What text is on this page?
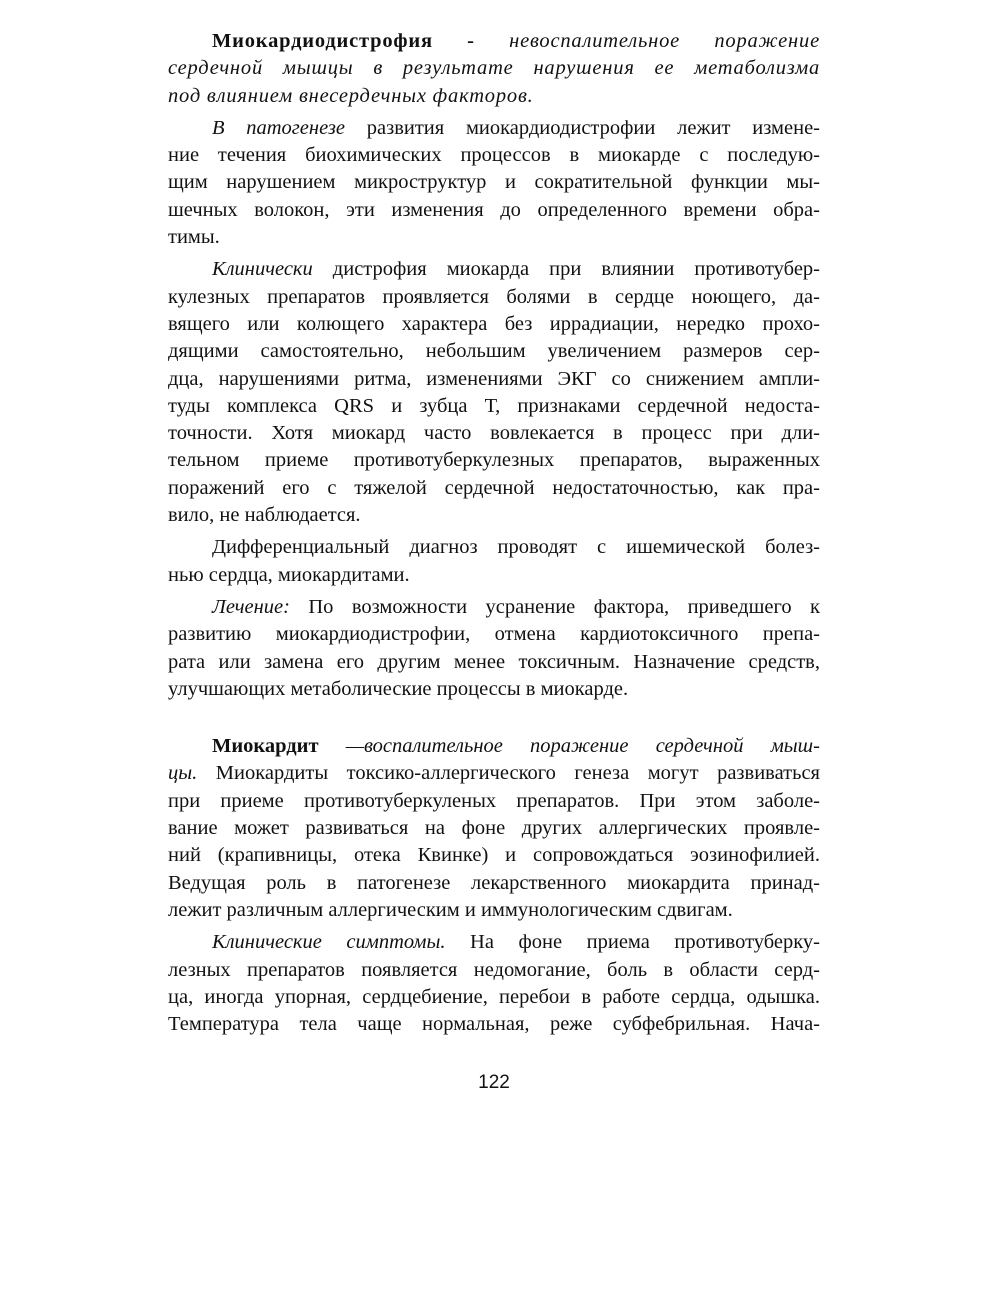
Миокардиодистрофия - невоспалительное поражение
сердечной мышцы в результате нарушения ее метаболизма
под влиянием внесердечных факторов.
В патогенезе развития миокардиодистрофии лежит измене-
ние течения биохимических процессов в миокарде с последую-
щим нарушением микроструктур и сократительной функции мы-
шечных волокон, эти изменения до определенного времени обра-
тимы.
Клинически дистрофия миокарда при влиянии противотубер-
кулезных препаратов проявляется болями в сердце ноющего, да-
вящего или колющего характера без иррадиации, нередко прохо-
дящими самостоятельно, небольшим увеличением размеров сер-
дца, нарушениями ритма, изменениями ЭКГ со снижением ампли-
туды комплекса QRS и зубца Т, признаками сердечной недоста-
точности. Хотя миокард часто вовлекается в процесс при дли-
тельном приеме противотуберкулезных препаратов, выраженных
поражений его с тяжелой сердечной недостаточностью, как пра-
вило, не наблюдается.
Дифференциальный диагноз проводят с ишемической болез-
нью сердца, миокардитами.
Лечение: По возможности усранение фактора, приведшего к
развитию миокардиодистрофии, отмена кардиотоксичного препа-
рата или замена его другим менее токсичным. Назначение средств,
улучшающих метаболические процессы в миокарде.
Миокардит —воспалительное поражение сердечной мыш-
цы. Миокардиты токсико-аллергического генеза могут развиваться
при приеме противотуберкуленых препаратов. При этом заболе-
вание может развиваться на фоне других аллергических проявле-
ний (крапивницы, отека Квинке) и сопровождаться эозинофилией.
Ведущая роль в патогенезе лекарственного миокардита принад-
лежит различным аллергическим и иммунологическим сдвигам.
Клинические симптомы. На фоне приема противотуберку-
лезных препаратов появляется недомогание, боль в области серд-
ца, иногда упорная, сердцебиение, перебои в работе сердца, одышка.
Температура тела чаще нормальная, реже субфебрильная. Нача-
122
